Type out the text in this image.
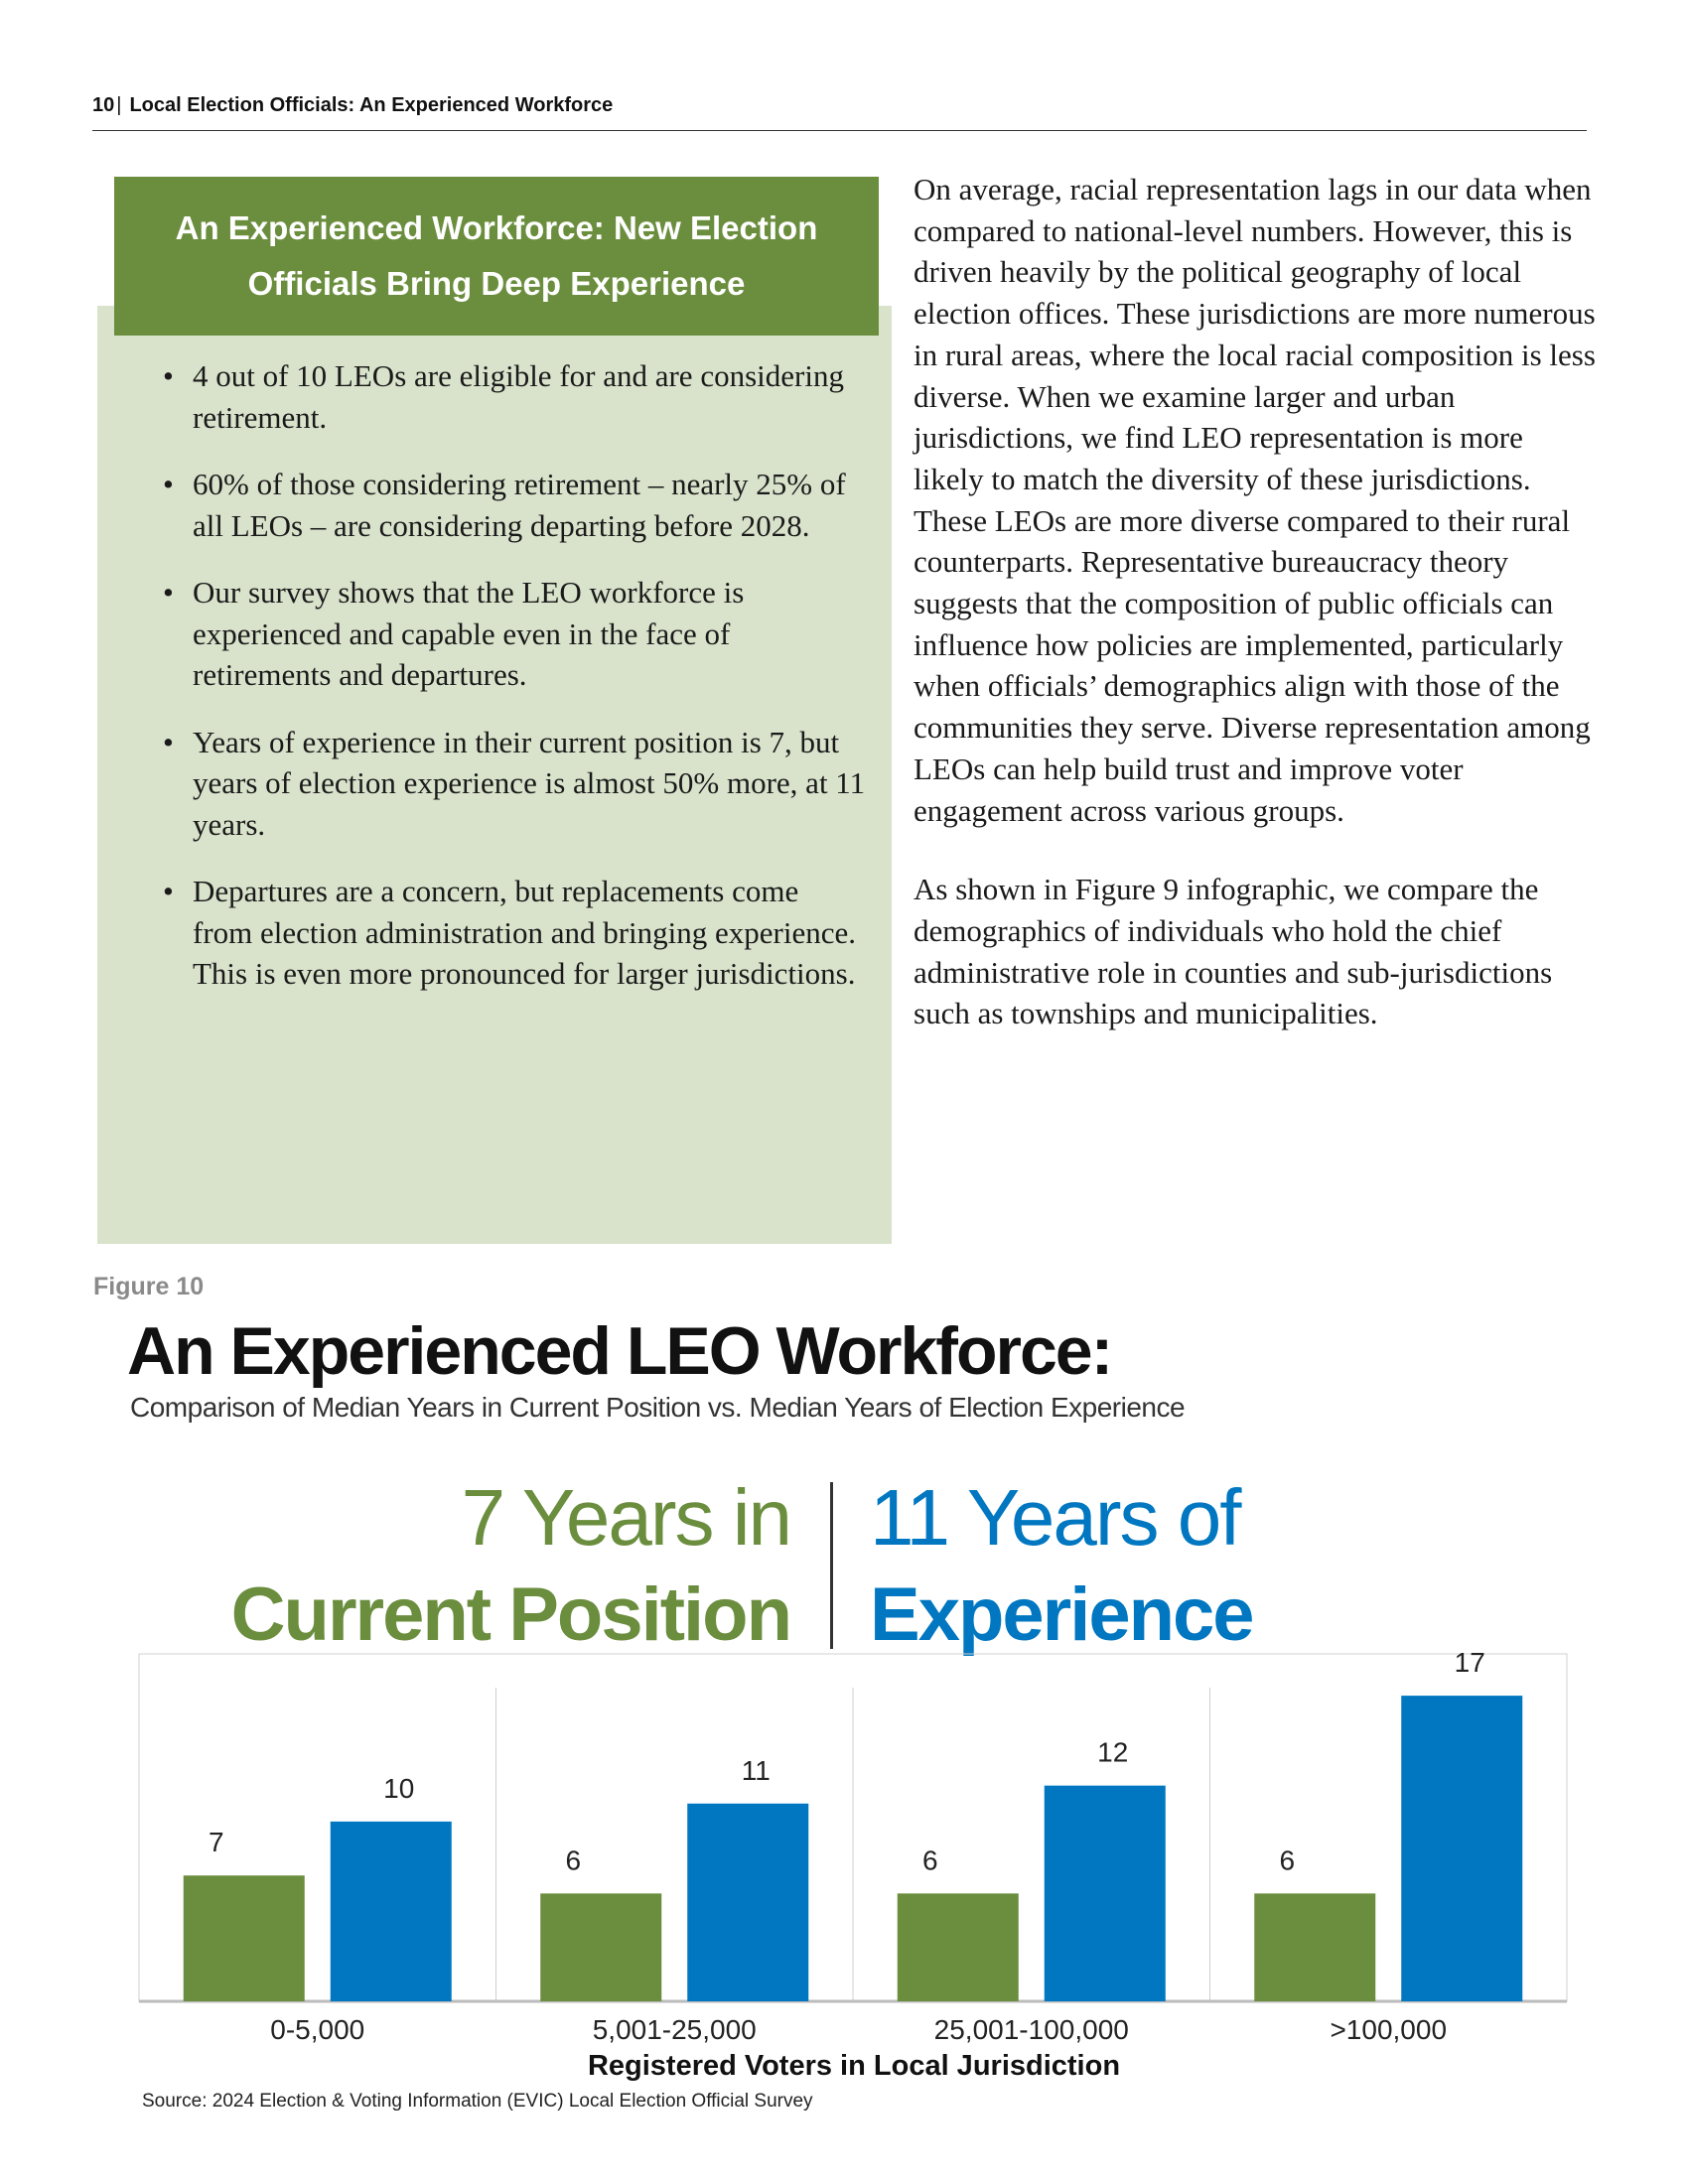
10 | Local Election Officials: An Experienced Workforce
An Experienced Workforce: New Election
Officials Bring Deep Experience
• 4 out of 10 LEOs are eligible for and are considering retirement.
• 60% of those considering retirement – nearly 25% of all LEOs – are considering departing before 2028.
• Our survey shows that the LEO workforce is experienced and capable even in the face of retirements and departures.
• Years of experience in their current position is 7, but years of election experience is almost 50% more, at 11 years.
• Departures are a concern, but replacements come from election administration and bringing experience. This is even more pronounced for larger jurisdictions.

On average, racial representation lags in our data when compared to national-level numbers. However, this is driven heavily by the political geography of local election offices. These jurisdictions are more numerous in rural areas, where the local racial composition is less diverse. When we examine larger and urban jurisdictions, we find LEO representation is more likely to match the diversity of these jurisdictions. These LEOs are more diverse compared to their rural counterparts. Representative bureaucracy theory suggests that the composition of public officials can influence how policies are implemented, particularly when officials’ demographics align with those of the communities they serve. Diverse representation among LEOs can help build trust and improve voter engagement across various groups.

As shown in Figure 9 infographic, we compare the demographics of individuals who hold the chief administrative role in counties and sub-jurisdictions such as townships and municipalities.

Figure 10
An Experienced LEO Workforce:
Comparison of Median Years in Current Position vs. Median Years of Election Experience
7 Years in
Current Position
11 Years of
Experience
7
10
0-5,000
6
11
5,001-25,000
6
12
25,001-100,000
6
17
>100,000
Registered Voters in Local Jurisdiction
Source: 2024 Election & Voting Information (EVIC) Local Election Official Survey
